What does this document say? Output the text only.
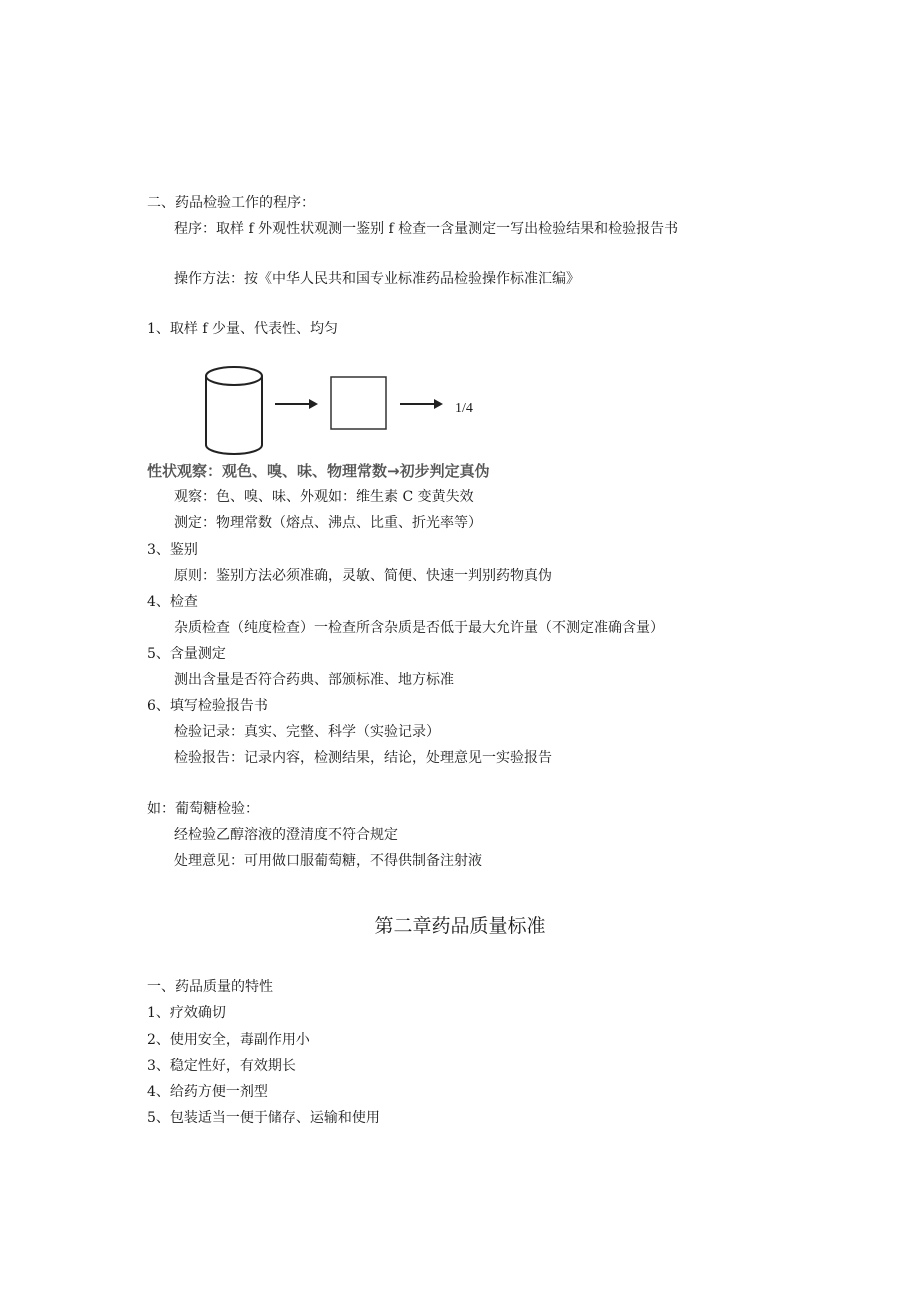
二、药品检验工作的程序：
程序：取样 f 外观性状观测一鉴别 f 检查一含量测定一写出检验结果和检验报告书
操作方法：按《中华人民共和国专业标准药品检验操作标准汇编》
1、取样 f 少量、代表性、均匀
1/4
性状观察：观色、嗅、味、物理常数→初步判定真伪
观察：色、嗅、味、外观如：维生素 C 变黄失效
测定：物理常数（熔点、沸点、比重、折光率等）
3、鉴别
原则：鉴别方法必须准确，灵敏、简便、快速一判别药物真伪
4、检查
杂质检查（纯度检查）一检查所含杂质是否低于最大允许量（不测定准确含量）
5、含量测定
测出含量是否符合药典、部颁标准、地方标准
6、填写检验报告书
检验记录：真实、完整、科学（实验记录）
检验报告：记录内容，检测结果，结论，处理意见一实验报告
如：葡萄糖检验：
经检验乙醇溶液的澄清度不符合规定
处理意见：可用做口服葡萄糖，不得供制备注射液
第二章药品质量标准
一、药品质量的特性
1、疗效确切
2、使用安全，毒副作用小
3、稳定性好，有效期长
4、给药方便一剂型
5、包装适当一便于储存、运输和使用
